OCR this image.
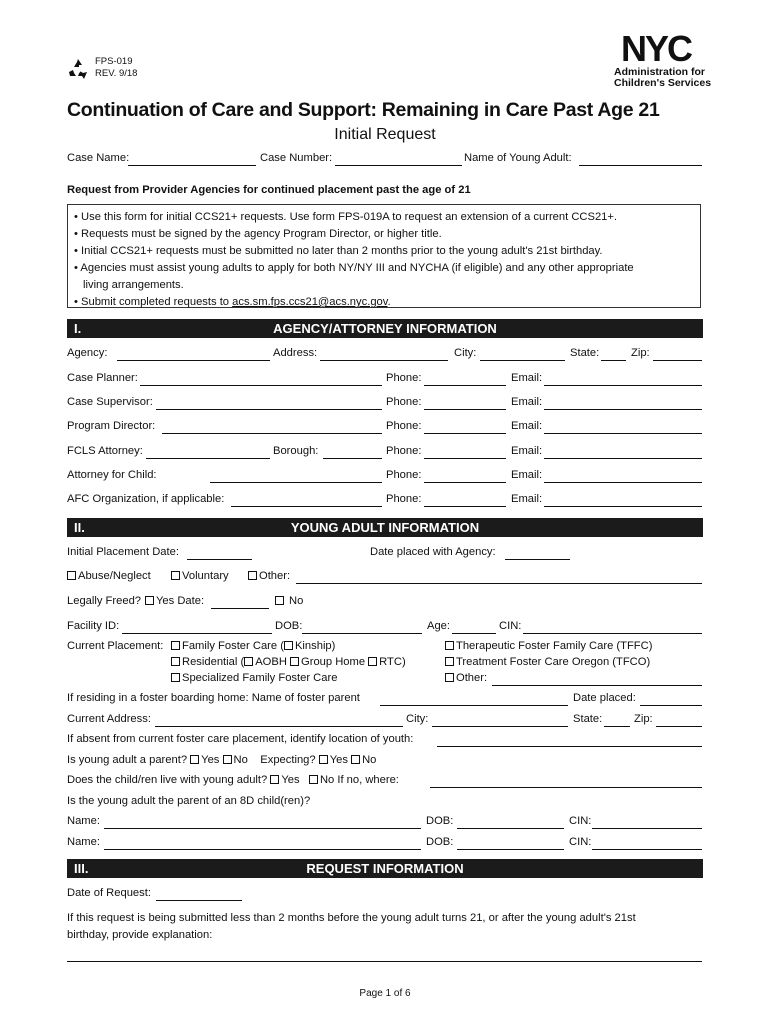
FPS-019
REV. 9/18
NYC
Administration for
Children's Services
Continuation of Care and Support: Remaining in Care Past Age 21
Initial Request
Case Name:	Case Number:	Name of Young Adult:
Request from Provider Agencies for continued placement past the age of 21
• Use this form for initial CCS21+ requests. Use form FPS-019A to request an extension of a current CCS21+.
• Requests must be signed by the agency Program Director, or higher title.
• Initial CCS21+ requests must be submitted no later than 2 months prior to the young adult's 21st birthday.
• Agencies must assist young adults to apply for both NY/NY III and NYCHA (if eligible) and any other appropriate
living arrangements.
• Submit completed requests to acs.sm.fps.ccs21@acs.nyc.gov.
I.	AGENCY/ATTORNEY INFORMATION
Agency:	Address:	City:	State:	Zip:
Case Planner:	Phone:	Email:
Case Supervisor:	Phone:	Email:
Program Director:	Phone:	Email:
FCLS Attorney:	Borough:	Phone:	Email:
Attorney for Child:	Phone:	Email:
AFC Organization, if applicable:	Phone:	Email:
II.	YOUNG ADULT INFORMATION
Initial Placement Date:	Date placed with Agency:
Abuse/Neglect	Voluntary	Other:
Legally Freed?	Yes Date:	No
Facility ID:	DOB:	Age:	CIN:
Current Placement:	Family Foster Care ( Kinship)
Residential ( AOBH Group Home RTC)
Specialized Family Foster Care
Therapeutic Foster Family Care (TFFC)
Treatment Foster Care Oregon (TFCO)
Other:
If residing in a foster boarding home: Name of foster parent	Date placed:
Current Address:	City:	State:	Zip:
If absent from current foster care placement, identify location of youth:
Is young adult a parent? Yes No Expecting? Yes No
Does the child/ren live with young adult? Yes No If no, where:
Is the young adult the parent of an 8D child(ren)?
Name:	DOB:	CIN:
Name:	DOB:	CIN:
III.	REQUEST INFORMATION
Date of Request:
If this request is being submitted less than 2 months before the young adult turns 21, or after the young adult's 21st
birthday, provide explanation:
Page 1 of 6
